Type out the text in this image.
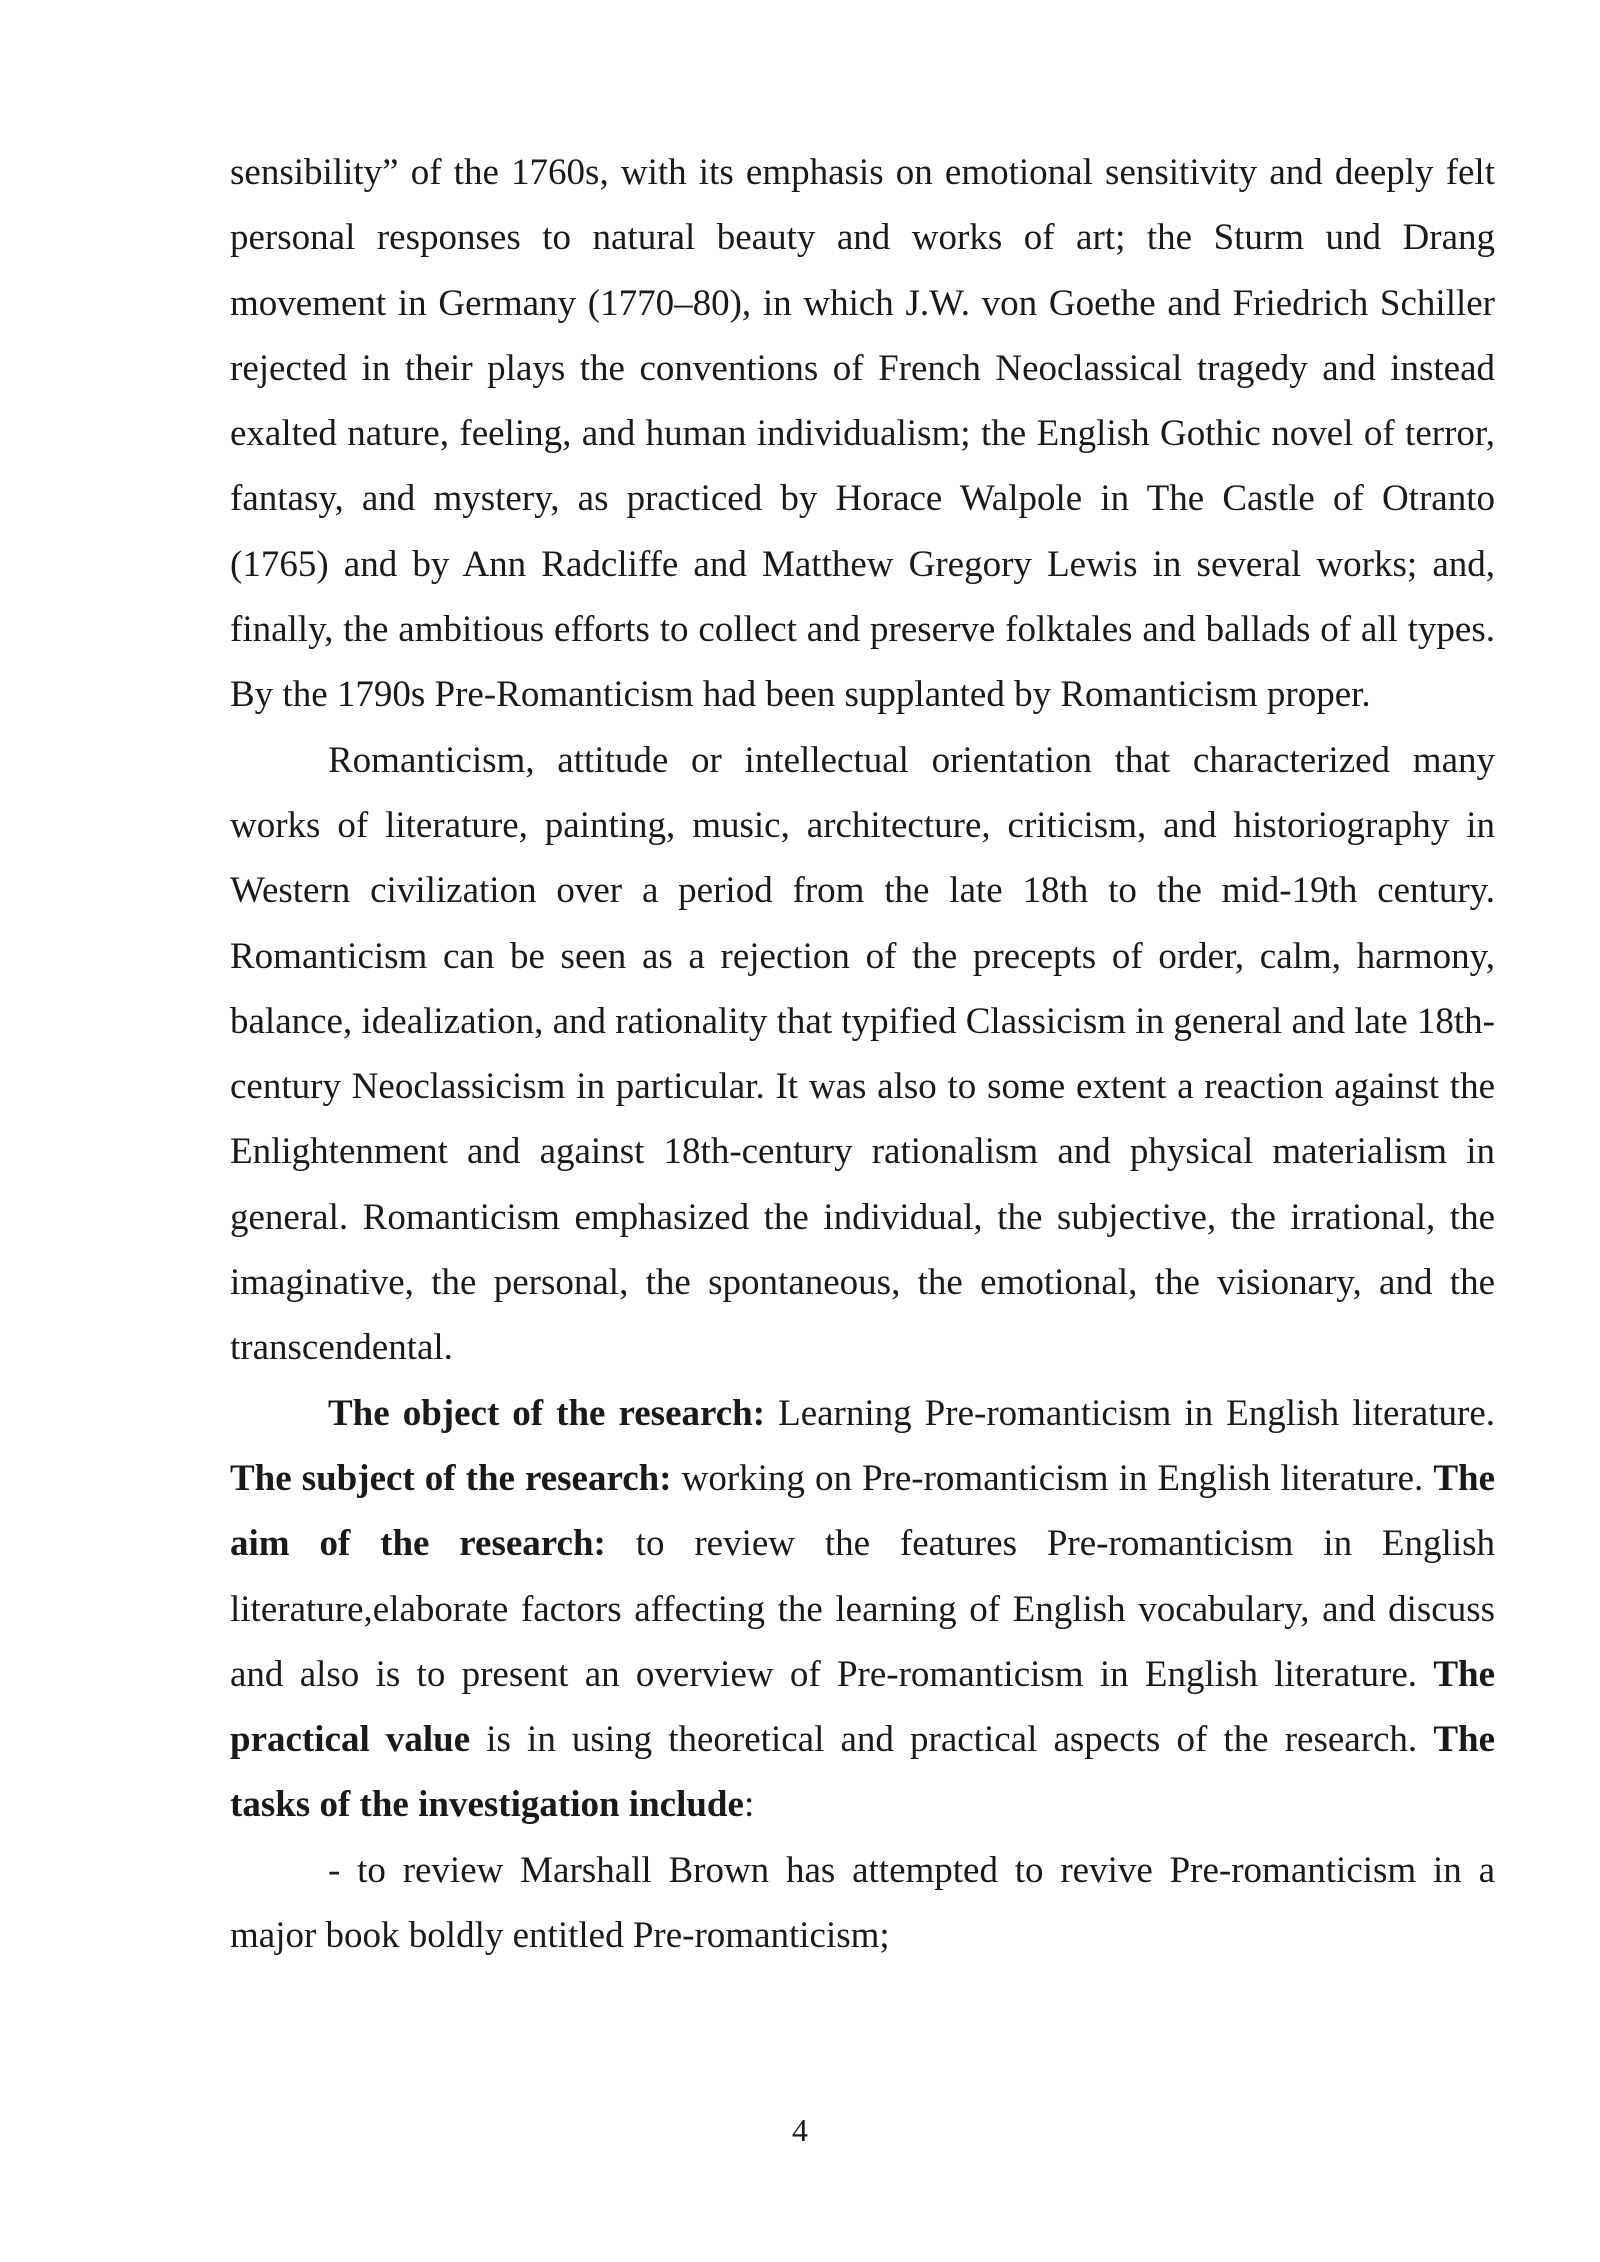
sensibility” of the 1760s, with its emphasis on emotional sensitivity and deeply felt personal responses to natural beauty and works of art; the Sturm und Drang movement in Germany (1770–80), in which J.W. von Goethe and Friedrich Schiller rejected in their plays the conventions of French Neoclassical tragedy and instead exalted nature, feeling, and human individualism; the English Gothic novel of terror, fantasy, and mystery, as practiced by Horace Walpole in The Castle of Otranto (1765) and by Ann Radcliffe and Matthew Gregory Lewis in several works; and, finally, the ambitious efforts to collect and preserve folktales and ballads of all types. By the 1790s Pre-Romanticism had been supplanted by Romanticism proper.

Romanticism, attitude or intellectual orientation that characterized many works of literature, painting, music, architecture, criticism, and historiography in Western civilization over a period from the late 18th to the mid-19th century. Romanticism can be seen as a rejection of the precepts of order, calm, harmony, balance, idealization, and rationality that typified Classicism in general and late 18th-century Neoclassicism in particular. It was also to some extent a reaction against the Enlightenment and against 18th-century rationalism and physical materialism in general. Romanticism emphasized the individual, the subjective, the irrational, the imaginative, the personal, the spontaneous, the emotional, the visionary, and the transcendental.

The object of the research: Learning Pre-romanticism in English literature. The subject of the research: working on Pre-romanticism in English literature. The aim of the research: to review the features Pre-romanticism in English literature,elaborate factors affecting the learning of English vocabulary, and discuss and also is to present an overview of Pre-romanticism in English literature. The practical value is in using theoretical and practical aspects of the research. The tasks of the investigation include:

- to review Marshall Brown has attempted to revive Pre-romanticism in a major book boldly entitled Pre-romanticism;

4
